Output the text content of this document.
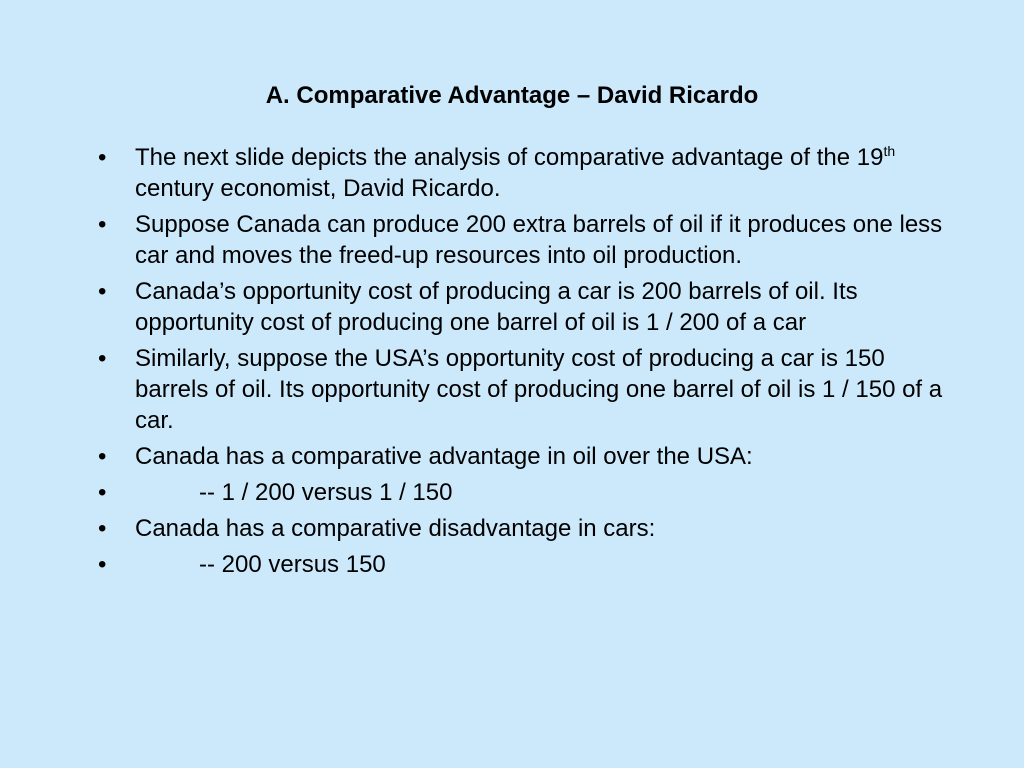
A. Comparative Advantage – David Ricardo
• The next slide depicts the analysis of comparative advantage of the 19th century economist, David Ricardo.
• Suppose Canada can produce 200 extra barrels of oil if it produces one less car and moves the freed-up resources into oil production.
• Canada’s opportunity cost of producing a car is 200 barrels of oil. Its opportunity cost of producing one barrel of oil is 1 / 200 of a car
• Similarly, suppose the USA’s opportunity cost of producing a car is 150 barrels of oil. Its opportunity cost of producing one barrel of oil is 1 / 150 of a car.
• Canada has a comparative advantage in oil over the USA:
•	-- 1 / 200 versus 1 / 150
• Canada has a comparative disadvantage in cars:
•	-- 200 versus 150
